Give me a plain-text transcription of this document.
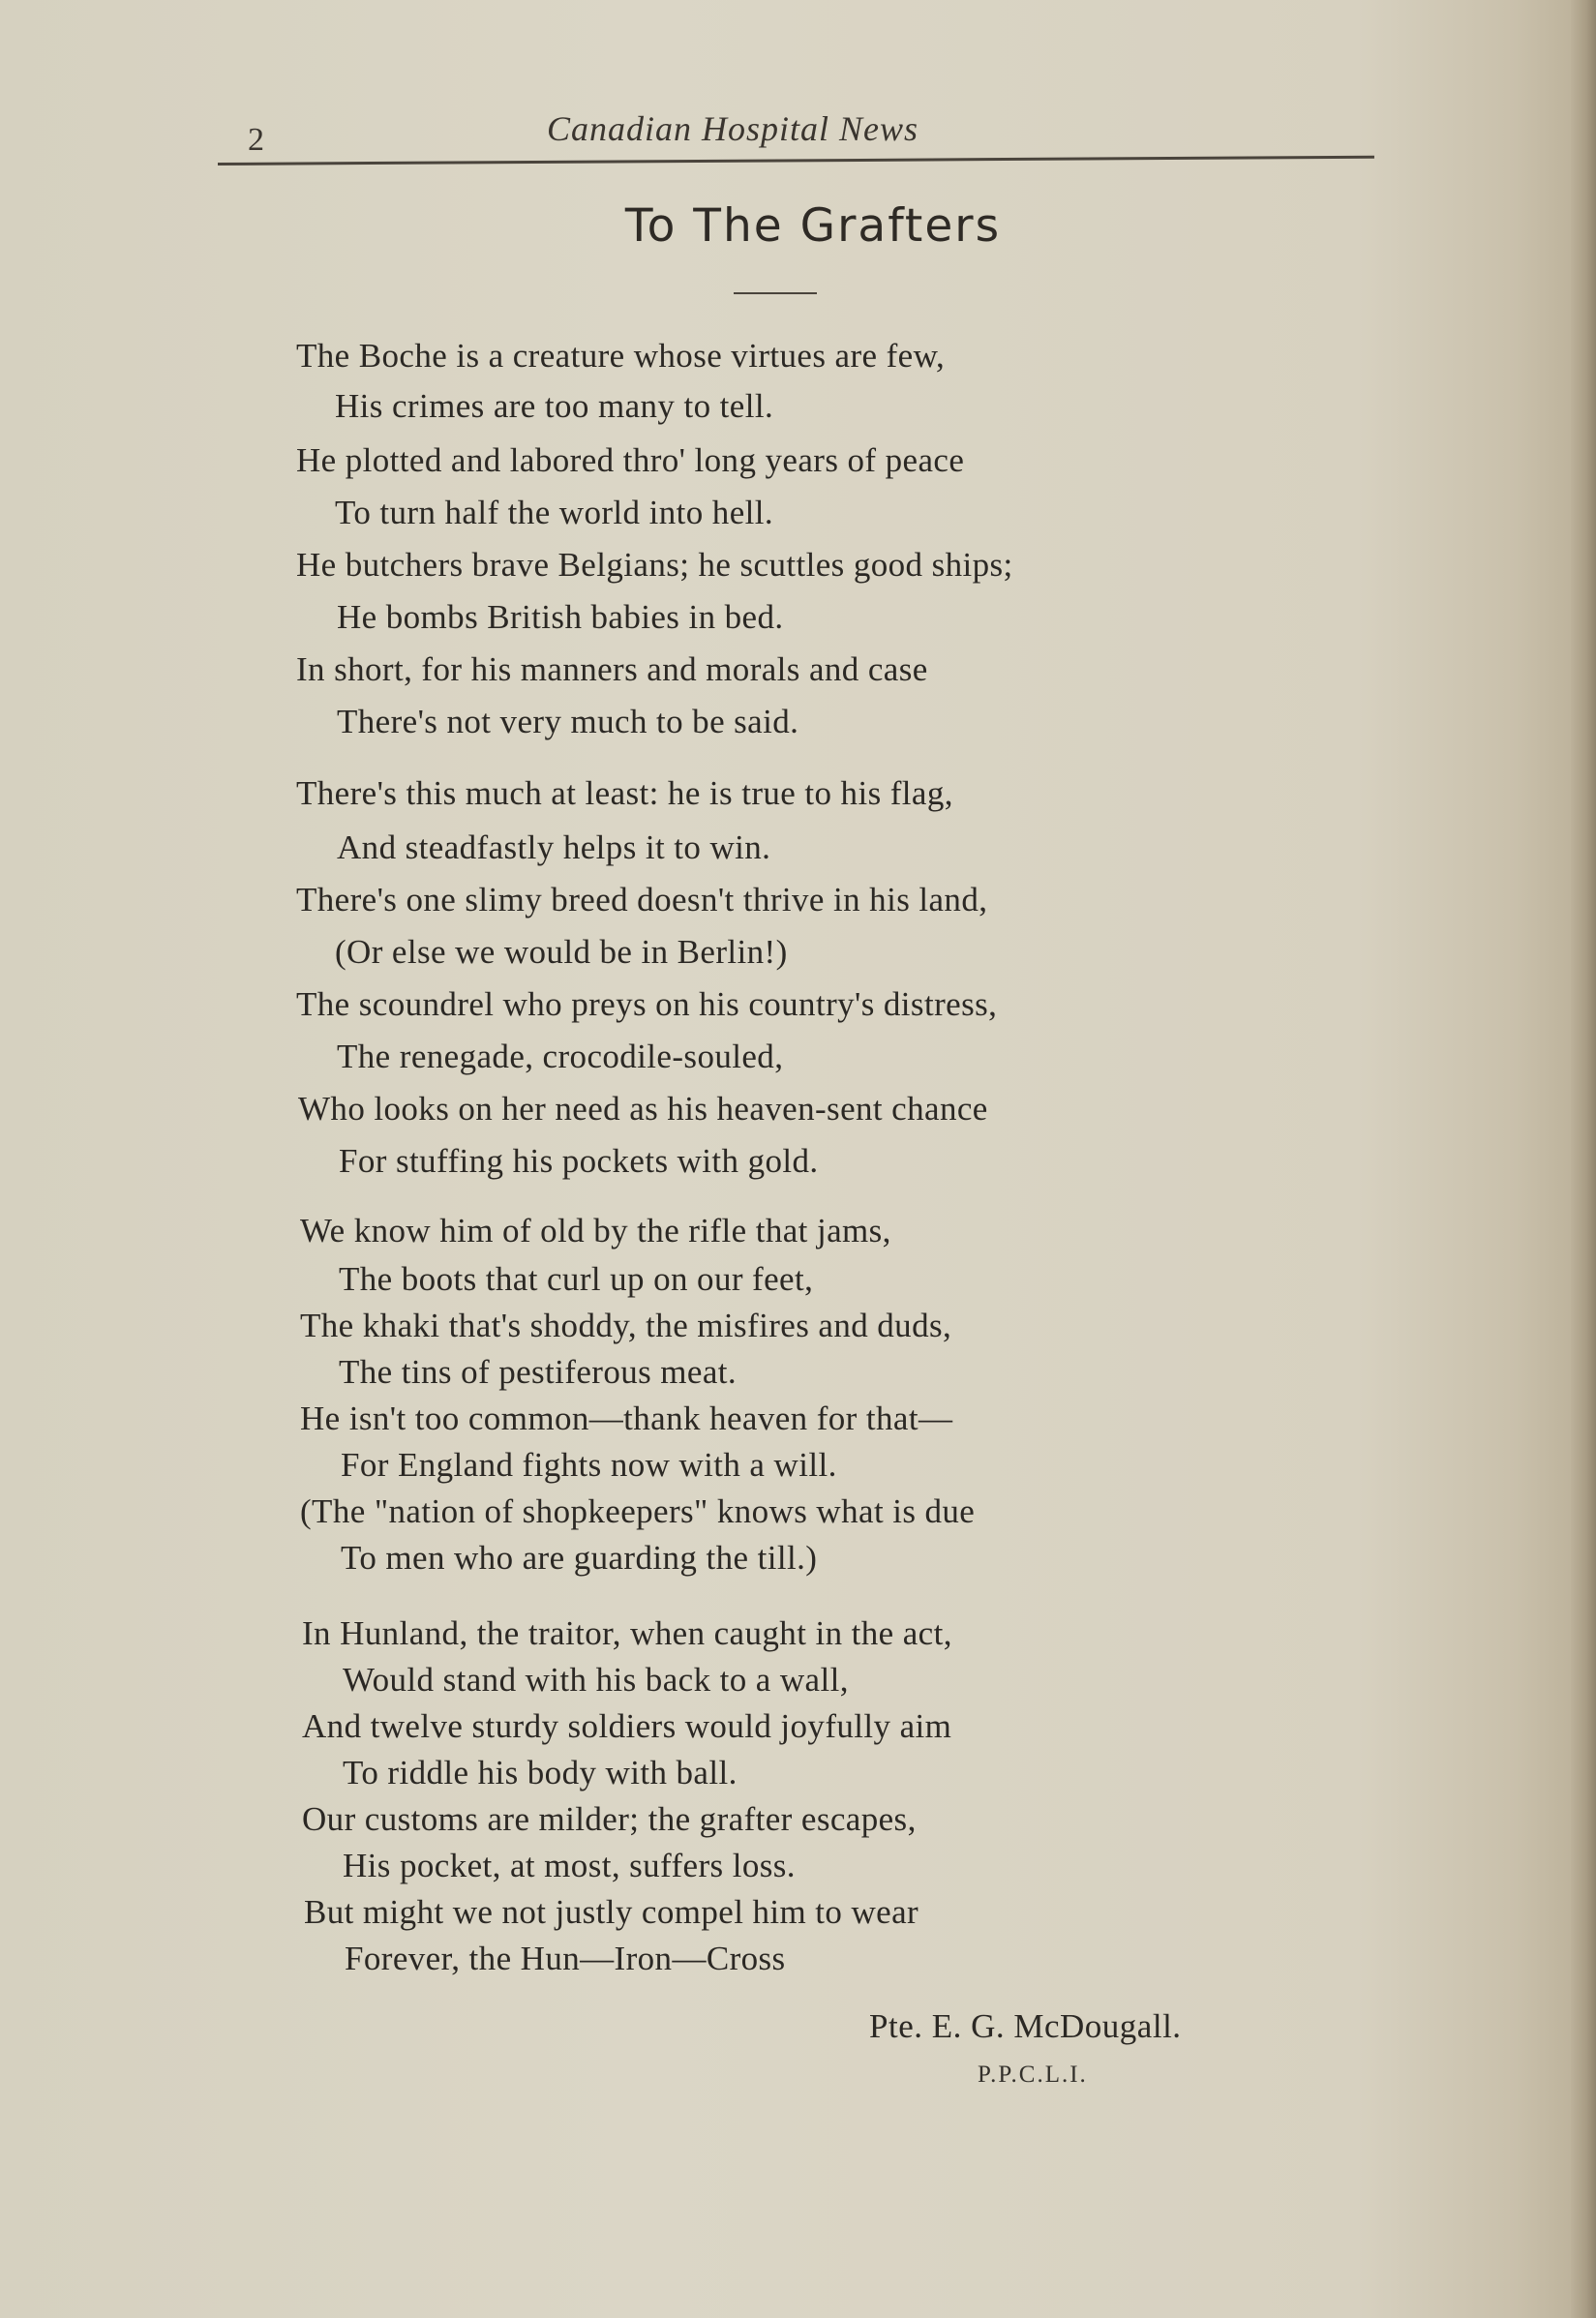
2	Canadian Hospital News
To The Grafters
The Boche is a creature whose virtues are few,
His crimes are too many to tell.
He plotted and labored thro' long years of peace
To turn half the world into hell.
He butchers brave Belgians; he scuttles good ships;
He bombs British babies in bed.
In short, for his manners and morals and case
There's not very much to be said.
There's this much at least: he is true to his flag,
And steadfastly helps it to win.
There's one slimy breed doesn't thrive in his land,
(Or else we would be in Berlin!)
The scoundrel who preys on his country's distress,
The renegade, crocodile-souled,
Who looks on her need as his heaven-sent chance
For stuffing his pockets with gold.
We know him of old by the rifle that jams,
The boots that curl up on our feet,
The khaki that's shoddy, the misfires and duds,
The tins of pestiferous meat.
He isn't too common—thank heaven for that—
For England fights now with a will.
(The "nation of shopkeepers" knows what is due
To men who are guarding the till.)
In Hunland, the traitor, when caught in the act,
Would stand with his back to a wall,
And twelve sturdy soldiers would joyfully aim
To riddle his body with ball.
Our customs are milder; the grafter escapes,
His pocket, at most, suffers loss.
But might we not justly compel him to wear
Forever, the Hun—Iron—Cross
Pte. E. G. McDougall.
P.P.C.L.I.
